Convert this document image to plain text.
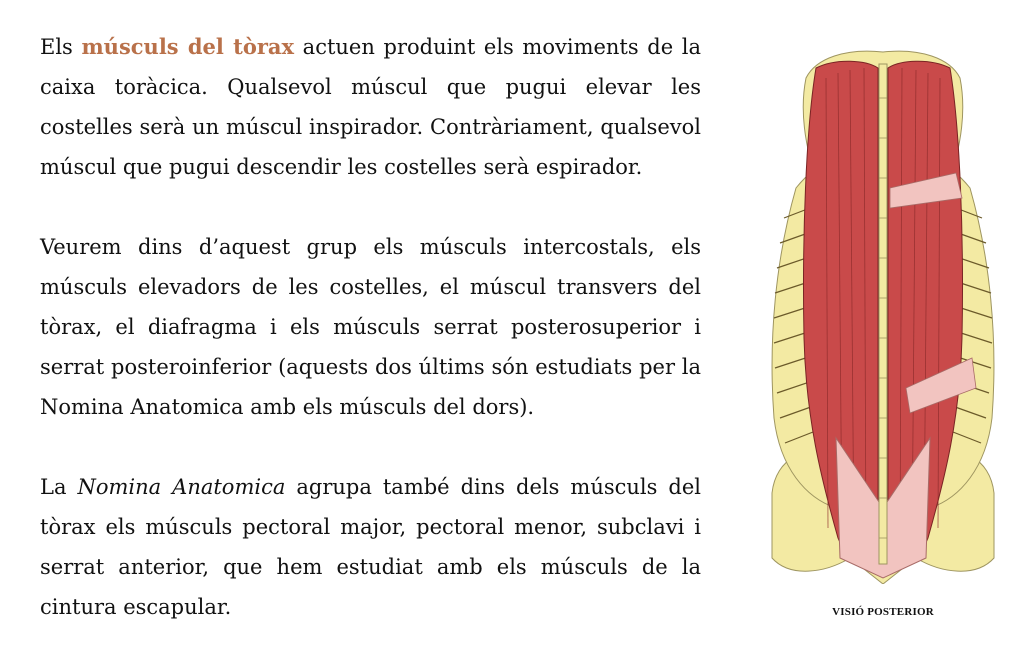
Els músculs del tòrax actuen produint els moviments de la caixa toràcica. Qualsevol múscul que pugui elevar les costelles serà un múscul inspirador. Contràriament, qualsevol múscul que pugui descendir les costelles serà espirador.

Veurem dins d’aquest grup els músculs intercostals, els músculs elevadors de les costelles, el múscul transvers del tòrax, el diafragma i els músculs serrat posterosuperior i serrat posteroinferior (aquests dos últims són estudiats per la Nomina Anatomica amb els músculs del dors).

La Nomina Anatomica agrupa també dins dels músculs del tòrax els músculs pectoral major, pectoral menor, subclavi i serrat anterior, que hem estudiat amb els músculs de la cintura escapular.	VISIÓ POSTERIOR
